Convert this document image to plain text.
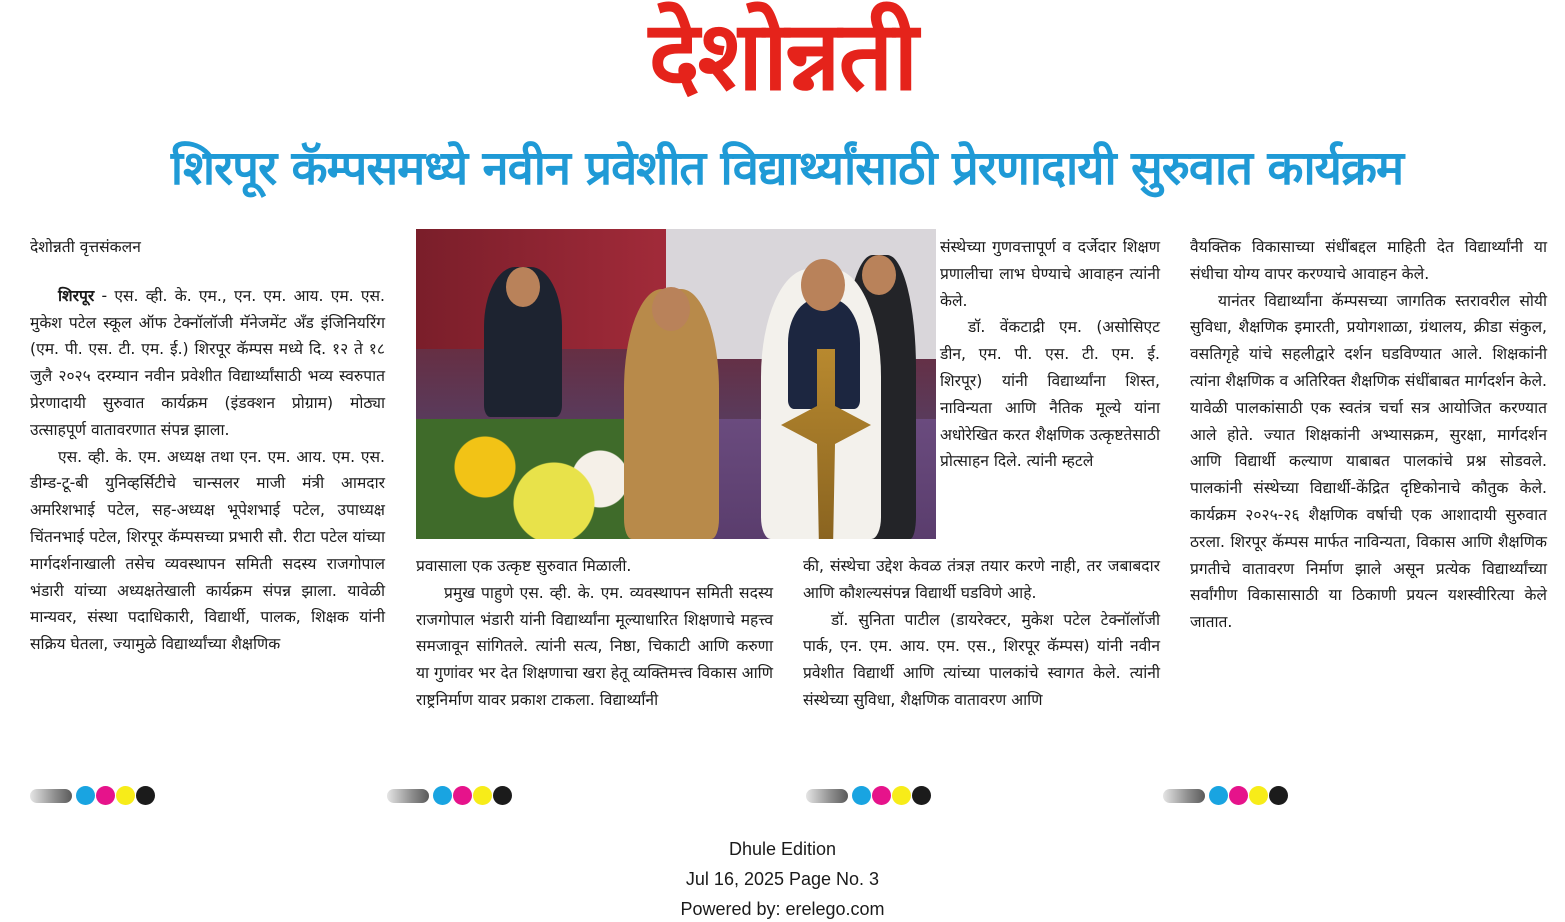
देशोन्नती
शिरपूर कॅम्पसमध्ये नवीन प्रवेशीत विद्यार्थ्यांसाठी प्रेरणादायी सुरुवात कार्यक्रम
देशोन्नती वृत्तसंकलन

शिरपूर - एस. व्ही. के. एम., एन. एम. आय. एम. एस. मुकेश पटेल स्कूल ऑफ टेक्नॉलॉजी मॅनेजमेंट अँड इंजिनियरिंग (एम. पी. एस. टी. एम. ई.) शिरपूर कॅम्पस मध्ये दि. १२ ते १८ जुलै २०२५ दरम्यान नवीन प्रवेशीत विद्यार्थ्यांसाठी भव्य स्वरुपात प्रेरणादायी सुरुवात कार्यक्रम (इंडक्शन प्रोग्राम) मोठ्या उत्साहपूर्ण वातावरणात संपन्न झाला.

एस. व्ही. के. एम. अध्यक्ष तथा एन. एम. आय. एम. एस. डीम्ड-टू-बी युनिव्हर्सिटीचे चान्सलर माजी मंत्री आमदार अमरिशभाई पटेल, सह-अध्यक्ष भूपेशभाई पटेल, उपाध्यक्ष चिंतनभाई पटेल, शिरपूर कॅम्पसच्या प्रभारी सौ. रीटा पटेल यांच्या मार्गदर्शनाखाली तसेच व्यवस्थापन समिती सदस्य राजगोपाल भंडारी यांच्या अध्यक्षतेखाली कार्यक्रम संपन्न झाला. यावेळी मान्यवर, संस्था पदाधिकारी, विद्यार्थी, पालक, शिक्षक यांनी सक्रिय घेतला, ज्यामुळे विद्यार्थ्यांच्या शैक्षणिक

प्रवासाला एक उत्कृष्ट सुरुवात मिळाली.

प्रमुख पाहुणे एस. व्ही. के. एम. व्यवस्थापन समिती सदस्य राजगोपाल भंडारी यांनी विद्यार्थ्यांना मूल्याधारित शिक्षणाचे महत्त्व समजावून सांगितले. त्यांनी सत्य, निष्ठा, चिकाटी आणि करुणा या गुणांवर भर देत शिक्षणाचा खरा हेतू व्यक्तिमत्त्व विकास आणि राष्ट्रनिर्माण यावर प्रकाश टाकला. विद्यार्थ्यांनी

संस्थेच्या गुणवत्तापूर्ण व दर्जेदार शिक्षण प्रणालीचा लाभ घेण्याचे आवाहन त्यांनी केले.

डॉ. वेंकटाद्री एम. (असोसिएट डीन, एम. पी. एस. टी. एम. ई. शिरपूर) यांनी विद्यार्थ्यांना शिस्त, नाविन्यता आणि नैतिक मूल्ये यांना अधोरेखित करत शैक्षणिक उत्कृष्टतेसाठी प्रोत्साहन दिले. त्यांनी म्हटले

की, संस्थेचा उद्देश केवळ तंत्रज्ञ तयार करणे नाही, तर जबाबदार आणि कौशल्यसंपन्न विद्यार्थी घडविणे आहे.

डॉ. सुनिता पाटील (डायरेक्टर, मुकेश पटेल टेक्नॉलॉजी पार्क, एन. एम. आय. एम. एस., शिरपूर कॅम्पस) यांनी नवीन प्रवेशीत विद्यार्थी आणि त्यांच्या पालकांचे स्वागत केले. त्यांनी संस्थेच्या सुविधा, शैक्षणिक वातावरण आणि

वैयक्तिक विकासाच्या संधींबद्दल माहिती देत विद्यार्थ्यांनी या संधीचा योग्य वापर करण्याचे आवाहन केले.

यानंतर विद्यार्थ्यांना कॅम्पसच्या जागतिक स्तरावरील सोयी सुविधा, शैक्षणिक इमारती, प्रयोगशाळा, ग्रंथालय, क्रीडा संकुल, वसतिगृहे यांचे सहलीद्वारे दर्शन घडविण्यात आले. शिक्षकांनी त्यांना शैक्षणिक व अतिरिक्त शैक्षणिक संधींबाबत मार्गदर्शन केले. यावेळी पालकांसाठी एक स्वतंत्र चर्चा सत्र आयोजित करण्यात आले होते. ज्यात शिक्षकांनी अभ्यासक्रम, सुरक्षा, मार्गदर्शन आणि विद्यार्थी कल्याण याबाबत पालकांचे प्रश्न सोडवले. पालकांनी संस्थेच्या विद्यार्थी-केंद्रित दृष्टिकोनाचे कौतुक केले. कार्यक्रम २०२५-२६ शैक्षणिक वर्षाची एक आशादायी सुरुवात ठरला. शिरपूर कॅम्पस मार्फत नाविन्यता, विकास आणि शैक्षणिक प्रगतीचे वातावरण निर्माण झाले असून प्रत्येक विद्यार्थ्यांच्या सर्वांगीण विकासासाठी या ठिकाणी प्रयत्न यशस्वीरित्या केले जातात.

Dhule Edition
Jul 16, 2025 Page No. 3
Powered by: erelego.com
